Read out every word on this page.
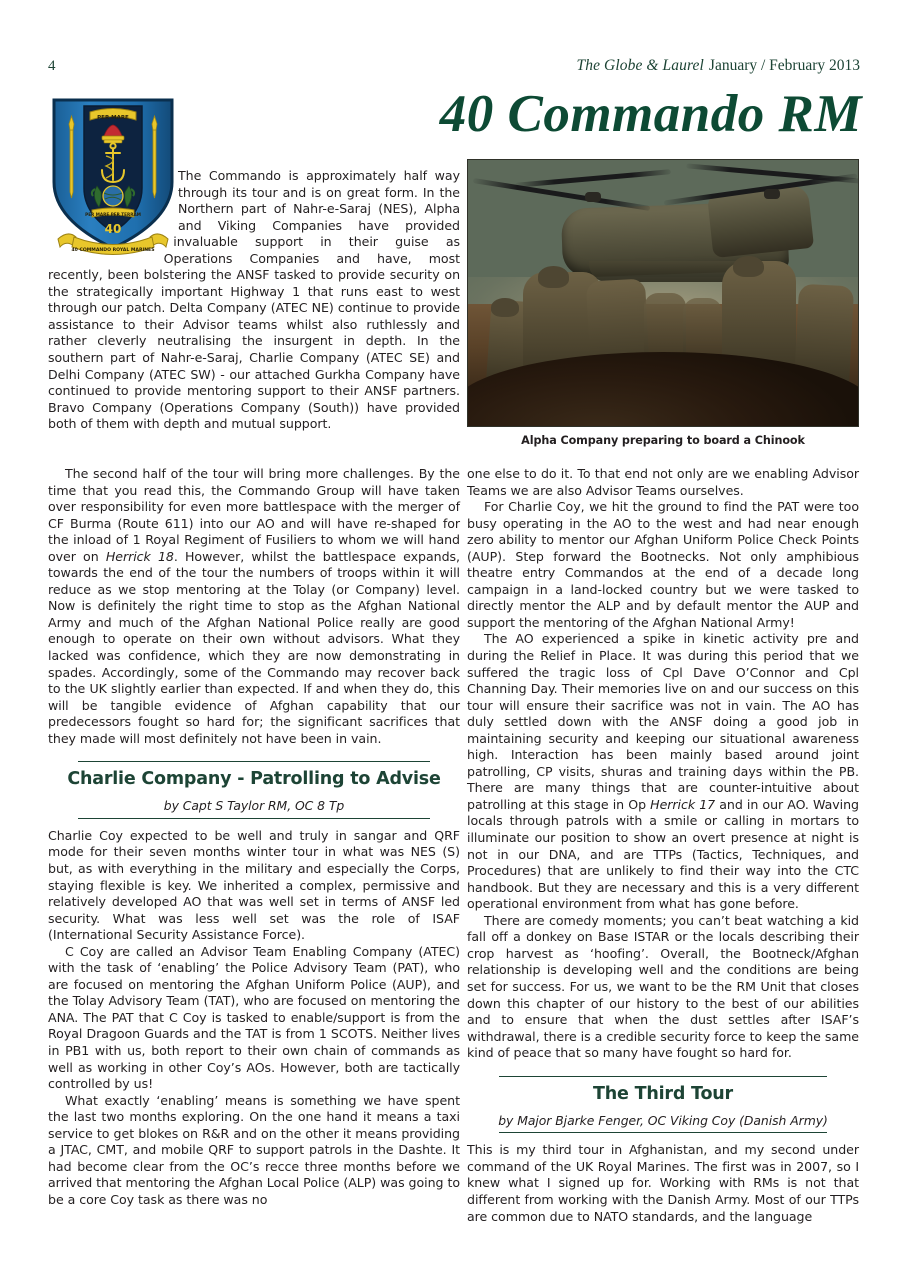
4	The Globe & Laurel January / February 2013
40 Commando RM
PER MARE
PER MARE PER TERRAM
40
40 COMMANDO ROYAL MARINES
Alpha Company preparing to board a Chinook

The Commando is approximately half way through its tour and is on great form. In the Northern part of Nahr-e-Saraj (NES), Alpha and Viking Companies have provided invaluable support in their guise as Operations Companies and have, most recently, been bolstering the ANSF tasked to provide security on the strategically important Highway 1 that runs east to west through our patch. Delta Company (ATEC NE) continue to provide assistance to their Advisor teams whilst also ruthlessly and rather cleverly neutralising the insurgent in depth. In the southern part of Nahr-e-Saraj, Charlie Company (ATEC SE) and Delhi Company (ATEC SW) - our attached Gurkha Company have continued to provide mentoring support to their ANSF partners. Bravo Company (Operations Company (South)) have provided both of them with depth and mutual support.

The second half of the tour will bring more challenges. By the time that you read this, the Commando Group will have taken over responsibility for even more battlespace with the merger of CF Burma (Route 611) into our AO and will have re-shaped for the inload of 1 Royal Regiment of Fusiliers to whom we will hand over on Herrick 18. However, whilst the battlespace expands, towards the end of the tour the numbers of troops within it will reduce as we stop mentoring at the Tolay (or Company) level. Now is definitely the right time to stop as the Afghan National Army and much of the Afghan National Police really are good enough to operate on their own without advisors. What they lacked was confidence, which they are now demonstrating in spades. Accordingly, some of the Commando may recover back to the UK slightly earlier than expected. If and when they do, this will be tangible evidence of Afghan capability that our predecessors fought so hard for; the significant sacrifices that they made will most definitely not have been in vain.

Charlie Company - Patrolling to Advise
by Capt S Taylor RM, OC 8 Tp

Charlie Coy expected to be well and truly in sangar and QRF mode for their seven months winter tour in what was NES (S) but, as with everything in the military and especially the Corps, staying flexible is key. We inherited a complex, permissive and relatively developed AO that was well set in terms of ANSF led security. What was less well set was the role of ISAF (International Security Assistance Force).

C Coy are called an Advisor Team Enabling Company (ATEC) with the task of ‘enabling’ the Police Advisory Team (PAT), who are focused on mentoring the Afghan Uniform Police (AUP), and the Tolay Advisory Team (TAT), who are focused on mentoring the ANA. The PAT that C Coy is tasked to enable/support is from the Royal Dragoon Guards and the TAT is from 1 SCOTS. Neither lives in PB1 with us, both report to their own chain of commands as well as working in other Coy’s AOs. However, both are tactically controlled by us!

What exactly ‘enabling’ means is something we have spent the last two months exploring. On the one hand it means a taxi service to get blokes on R&R and on the other it means providing a JTAC, CMT, and mobile QRF to support patrols in the Dashte. It had become clear from the OC’s recce three months before we arrived that mentoring the Afghan Local Police (ALP) was going to be a core Coy task as there was no

one else to do it. To that end not only are we enabling Advisor Teams we are also Advisor Teams ourselves.

For Charlie Coy, we hit the ground to find the PAT were too busy operating in the AO to the west and had near enough zero ability to mentor our Afghan Uniform Police Check Points (AUP). Step forward the Bootnecks. Not only amphibious theatre entry Commandos at the end of a decade long campaign in a land-locked country but we were tasked to directly mentor the ALP and by default mentor the AUP and support the mentoring of the Afghan National Army!

The AO experienced a spike in kinetic activity pre and during the Relief in Place. It was during this period that we suffered the tragic loss of Cpl Dave O’Connor and Cpl Channing Day. Their memories live on and our success on this tour will ensure their sacrifice was not in vain. The AO has duly settled down with the ANSF doing a good job in maintaining security and keeping our situational awareness high. Interaction has been mainly based around joint patrolling, CP visits, shuras and training days within the PB. There are many things that are counter-intuitive about patrolling at this stage in Op Herrick 17 and in our AO. Waving locals through patrols with a smile or calling in mortars to illuminate our position to show an overt presence at night is not in our DNA, and are TTPs (Tactics, Techniques, and Procedures) that are unlikely to find their way into the CTC handbook. But they are necessary and this is a very different operational environment from what has gone before.

There are comedy moments; you can’t beat watching a kid fall off a donkey on Base ISTAR or the locals describing their crop harvest as ‘hoofing’. Overall, the Bootneck/Afghan relationship is developing well and the conditions are being set for success. For us, we want to be the RM Unit that closes down this chapter of our history to the best of our abilities and to ensure that when the dust settles after ISAF’s withdrawal, there is a credible security force to keep the same kind of peace that so many have fought so hard for.

The Third Tour
by Major Bjarke Fenger, OC Viking Coy (Danish Army)

This is my third tour in Afghanistan, and my second under command of the UK Royal Marines. The first was in 2007, so I knew what I signed up for. Working with RMs is not that different from working with the Danish Army. Most of our TTPs are common due to NATO standards, and the language
